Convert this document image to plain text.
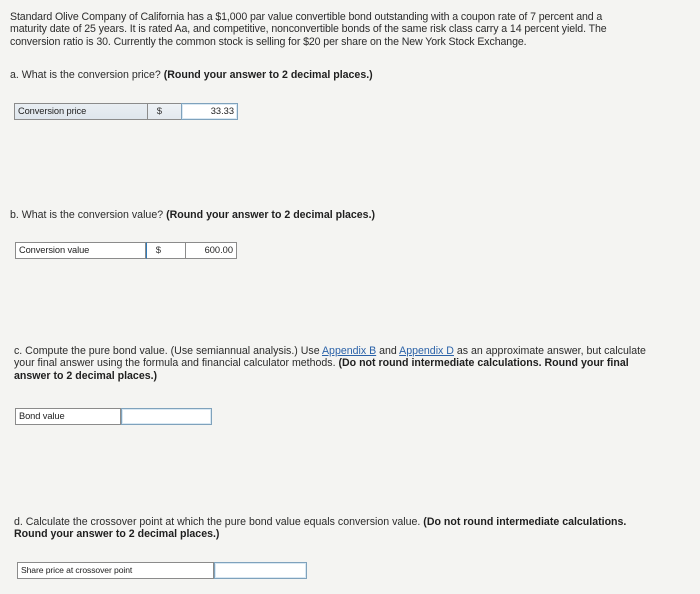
Standard Olive Company of California has a $1,000 par value convertible bond outstanding with a coupon rate of 7 percent and a
maturity date of 25 years. It is rated Aa, and competitive, nonconvertible bonds of the same risk class carry a 14 percent yield. The
conversion ratio is 30. Currently the common stock is selling for $20 per share on the New York Stock Exchange.
a. What is the conversion price? (Round your answer to 2 decimal places.)
Conversion price	$	33.33
b. What is the conversion value? (Round your answer to 2 decimal places.)
Conversion value	$	600.00
c. Compute the pure bond value. (Use semiannual analysis.) Use Appendix B and Appendix D as an approximate answer, but calculate
your final answer using the formula and financial calculator methods. (Do not round intermediate calculations. Round your final
answer to 2 decimal places.)
Bond value
d. Calculate the crossover point at which the pure bond value equals conversion value. (Do not round intermediate calculations.
Round your answer to 2 decimal places.)
Share price at crossover point
